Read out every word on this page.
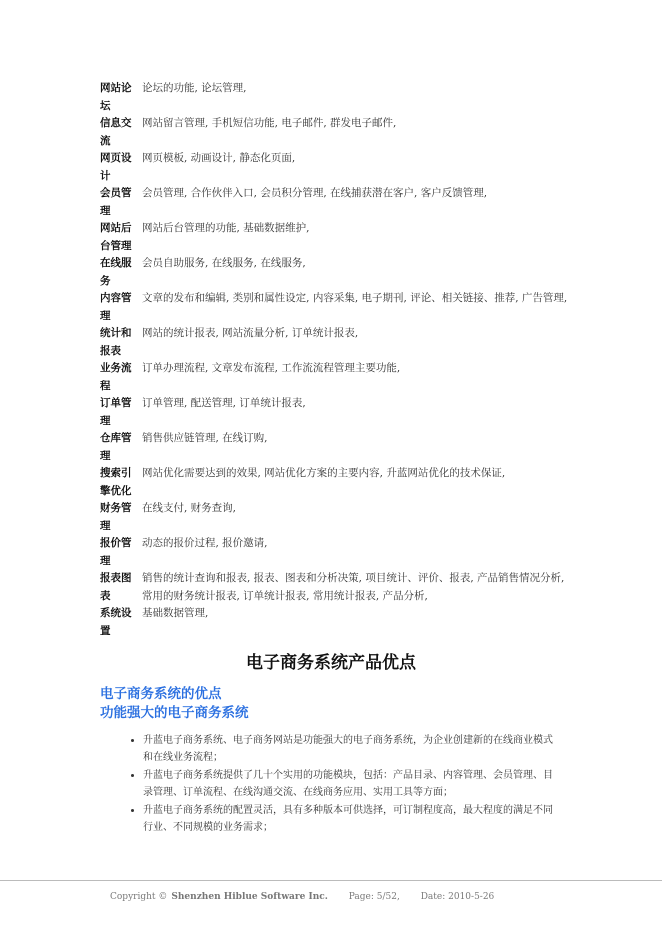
网站论坛	论坛的功能, 论坛管理,
信息交流	网站留言管理, 手机短信功能, 电子邮件, 群发电子邮件,
网页设计	网页模板, 动画设计, 静态化页面,
会员管理	会员管理, 合作伙伴入口, 会员积分管理, 在线捕获潜在客户, 客户反馈管理,
网站后台管理	网站后台管理的功能, 基础数据维护,
在线服务	会员自助服务, 在线服务, 在线服务,
内容管理	文章的发布和编辑, 类别和属性设定, 内容采集, 电子期刊, 评论、相关链接、推荐, 广告管理,
统计和报表	网站的统计报表, 网站流量分析, 订单统计报表,
业务流程	订单办理流程, 文章发布流程, 工作流流程管理主要功能,
订单管理	订单管理, 配送管理, 订单统计报表,
仓库管理	销售供应链管理, 在线订购,
搜索引擎优化	网站优化需要达到的效果, 网站优化方案的主要内容, 升蓝网站优化的技术保证,
财务管理	在线支付, 财务查询,
报价管理	动态的报价过程, 报价邀请,
报表图表	销售的统计查询和报表, 报表、图表和分析决策, 项目统计、评价、报表, 产品销售情况分析, 常用的财务统计报表, 订单统计报表, 常用统计报表, 产品分析,
系统设置	基础数据管理,
电子商务系统产品优点
电子商务系统的优点
功能强大的电子商务系统
• 升蓝电子商务系统、电子商务网站是功能强大的电子商务系统，为企业创建新的在线商业模式和在线业务流程；
• 升蓝电子商务系统提供了几十个实用的功能模块，包括：产品目录、内容管理、会员管理、目录管理、订单流程、在线沟通交流、在线商务应用、实用工具等方面；
• 升蓝电子商务系统的配置灵活，具有多种版本可供选择，可订制程度高，最大程度的满足不同行业、不同规模的业务需求；
Copyright © Shenzhen Hiblue Software Inc. Page: 5/52, Date: 2010-5-26
